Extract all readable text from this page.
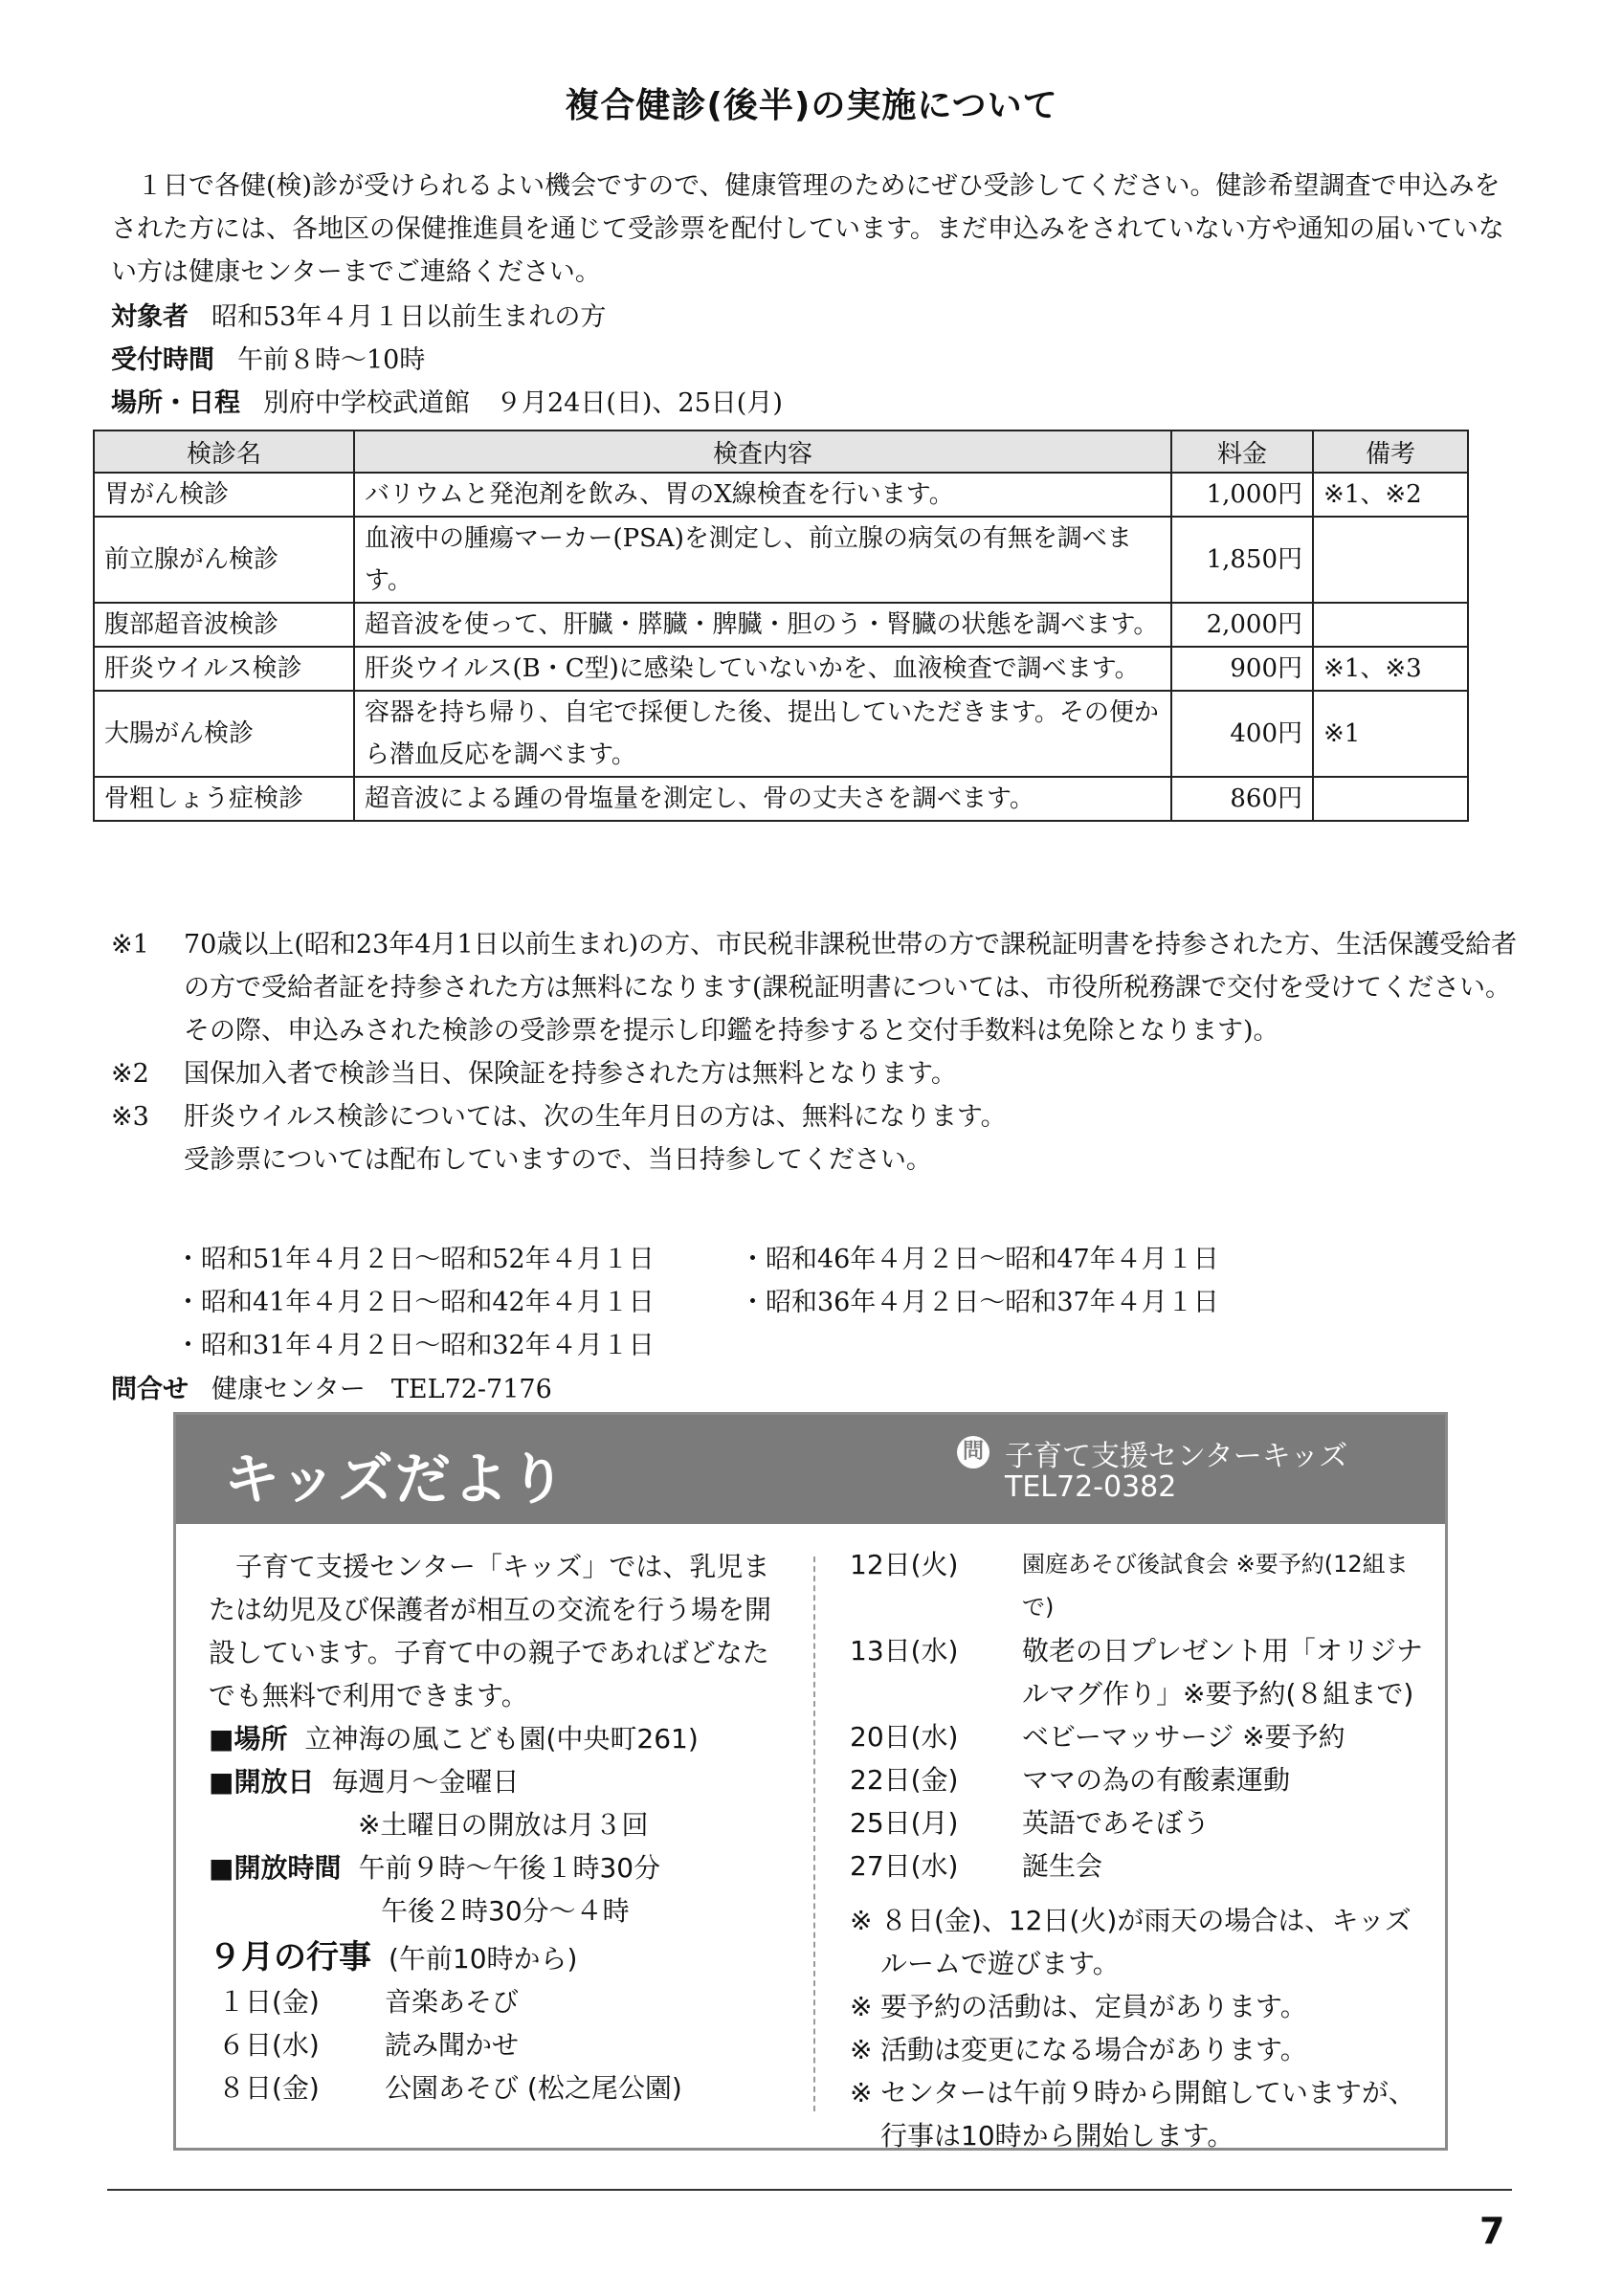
複合健診(後半)の実施について

１日で各健(検)診が受けられるよい機会ですので、健康管理のためにぜひ受診してください。健診希望調査で申込みをされた方には、各地区の保健推進員を通じて受診票を配付しています。まだ申込みをされていない方や通知の届いていない方は健康センターまでご連絡ください。

対象者 昭和53年４月１日以前生まれの方
受付時間 午前８時～10時
場所・日程 別府中学校武道館　９月24日(日)、25日(月)
検診名	検査内容	料金	備考
胃がん検診	バリウムと発泡剤を飲み、胃のX線検査を行います。	1,000円	※1、※2
前立腺がん検診	血液中の腫瘍マーカー(PSA)を測定し、前立腺の病気の有無を調べます。	1,850円	
腹部超音波検診	超音波を使って、肝臓・膵臓・脾臓・胆のう・腎臓の状態を調べます。	2,000円	
肝炎ウイルス検診	肝炎ウイルス(B・C型)に感染していないかを、血液検査で調べます。	900円	※1、※3
大腸がん検診	容器を持ち帰り、自宅で採便した後、提出していただきます。その便から潜血反応を調べます。	400円	※1
骨粗しょう症検診	超音波による踵の骨塩量を測定し、骨の丈夫さを調べます。	860円	
※1	70歳以上(昭和23年4月1日以前生まれ)の方、市民税非課税世帯の方で課税証明書を持参された方、生活保護受給者の方で受給者証を持参された方は無料になります(課税証明書については、市役所税務課で交付を受けてください。その際、申込みされた検診の受診票を提示し印鑑を持参すると交付手数料は免除となります)。
※2	国保加入者で検診当日、保険証を持参された方は無料となります。
※3	肝炎ウイルス検診については、次の生年月日の方は、無料になります。
受診票については配布していますので、当日持参してください。
・昭和51年４月２日～昭和52年４月１日	・昭和46年４月２日～昭和47年４月１日
・昭和41年４月２日～昭和42年４月１日	・昭和36年４月２日～昭和37年４月１日
・昭和31年４月２日～昭和32年４月１日
問合せ 健康センター　TEL72-7176
キッズだより	問 子育て支援センターキッズ
TEL72-0382

子育て支援センター「キッズ」では、乳児または幼児及び保護者が相互の交流を行う場を開設しています。子育て中の親子であればどなたでも無料で利用できます。

■場所 立神海の風こども園(中央町261)
■開放日 毎週月～金曜日
※土曜日の開放は月３回
■開放時間 午前９時～午後１時30分
午後２時30分～４時
９月の行事 (午前10時から)
１日(金)	音楽あそび
６日(水)	読み聞かせ
８日(金)	公園あそび (松之尾公園)
12日(火)	園庭あそび後試食会 ※要予約(12組まで)
13日(水)	敬老の日プレゼント用「オリジナルマグ作り」※要予約(８組まで)
20日(水)	ベビーマッサージ ※要予約
22日(金)	ママの為の有酸素運動
25日(月)	英語であそぼう
27日(水)	誕生会
※ ８日(金)、12日(火)が雨天の場合は、キッズルームで遊びます。
※ 要予約の活動は、定員があります。
※ 活動は変更になる場合があります。
※ センターは午前９時から開館していますが、行事は10時から開始します。
7
